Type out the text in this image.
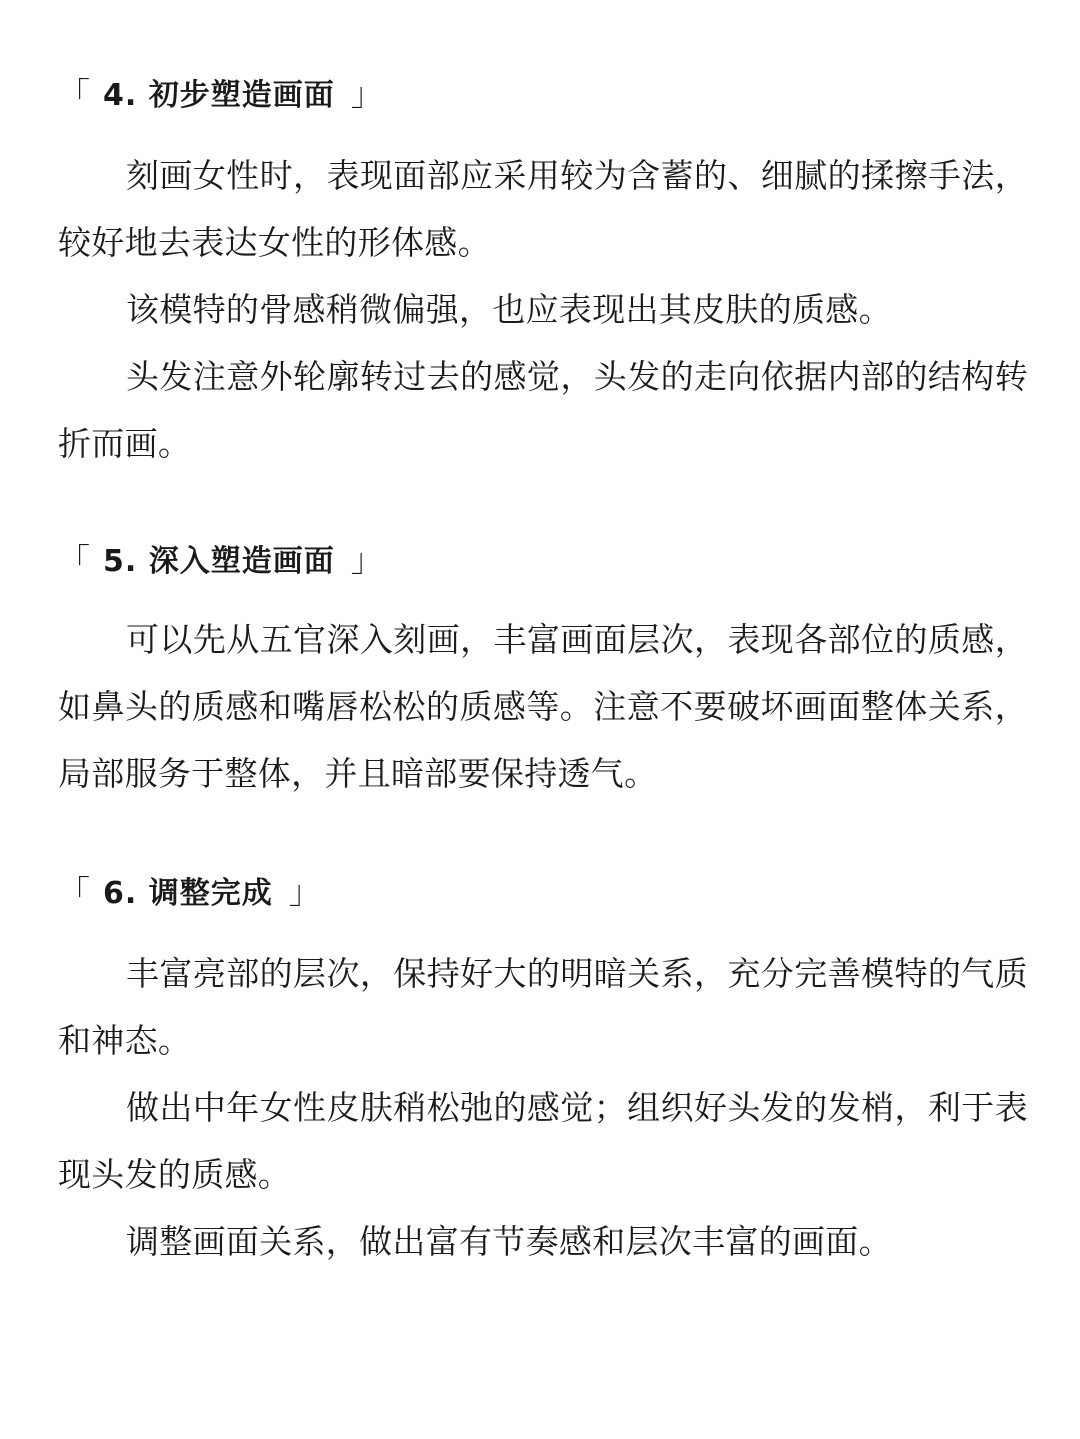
「 4. 初步塑造画面 」

刻画女性时，表现面部应采用较为含蓄的、细腻的揉擦手法，较好地去表达女性的形体感。

该模特的骨感稍微偏强，也应表现出其皮肤的质感。

头发注意外轮廓转过去的感觉，头发的走向依据内部的结构转折而画。

「 5. 深入塑造画面 」

可以先从五官深入刻画，丰富画面层次，表现各部位的质感，如鼻头的质感和嘴唇松松的质感等。注意不要破坏画面整体关系，局部服务于整体，并且暗部要保持透气。

「 6. 调整完成 」

丰富亮部的层次，保持好大的明暗关系，充分完善模特的气质和神态。

做出中年女性皮肤稍松弛的感觉；组织好头发的发梢，利于表现头发的质感。

调整画面关系，做出富有节奏感和层次丰富的画面。
